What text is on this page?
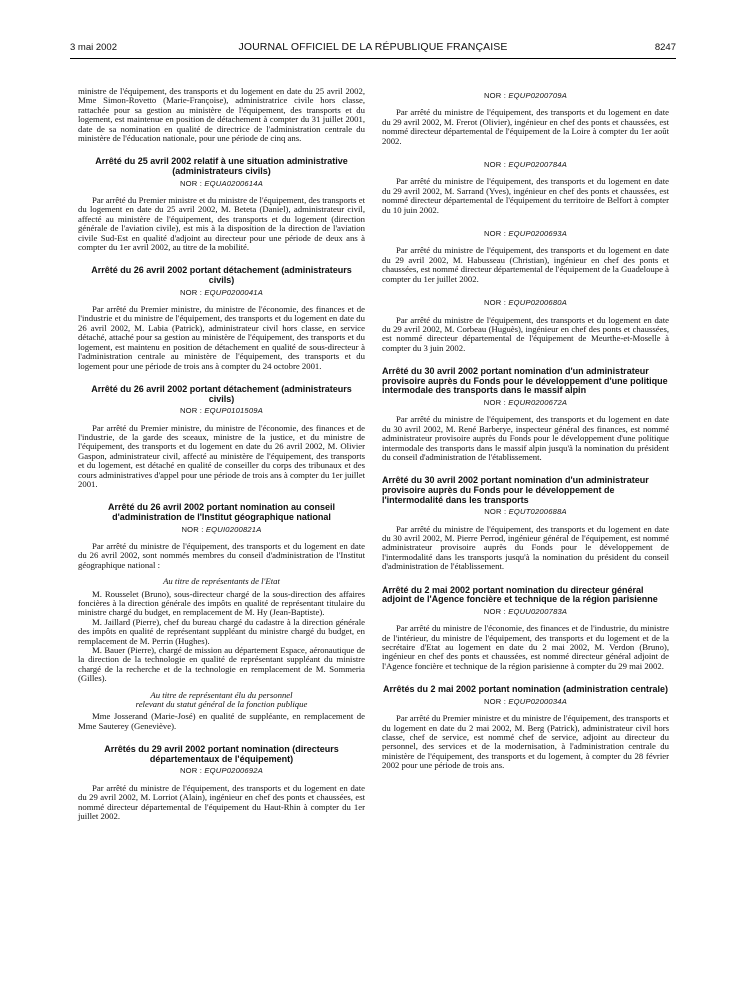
3 mai 2002	JOURNAL OFFICIEL DE LA RÉPUBLIQUE FRANÇAISE	8247

ministre de l'équipement, des transports et du logement en date du 25 avril 2002, Mme Simon-Rovetto (Marie-Françoise), administratrice civile hors classe, rattachée pour sa gestion au ministère de l'équipement, des transports et du logement, est maintenue en position de détachement à compter du 31 juillet 2001, date de sa nomination en qualité de directrice de l'administration centrale du ministère de l'éducation nationale, pour une période de cinq ans.

Arrêté du 25 avril 2002 relatif à une situation administrative (administrateurs civils)
NOR : EQUA0200614A

Par arrêté du Premier ministre et du ministre de l'équipement, des transports et du logement en date du 25 avril 2002, M. Beteta (Daniel), administrateur civil, affecté au ministère de l'équipement, des transports et du logement (direction générale de l'aviation civile), est mis à la disposition de la direction de l'aviation civile Sud-Est en qualité d'adjoint au directeur pour une période de deux ans à compter du 1er avril 2002, au titre de la mobilité.

Arrêté du 26 avril 2002 portant détachement (administrateurs civils)
NOR : EQUP0200041A

Par arrêté du Premier ministre, du ministre de l'économie, des finances et de l'industrie et du ministre de l'équipement, des transports et du logement en date du 26 avril 2002, M. Labia (Patrick), administrateur civil hors classe, en service détaché, attaché pour sa gestion au ministère de l'équipement, des transports et du logement, est maintenu en position de détachement en qualité de sous-directeur à l'administration centrale au ministère de l'équipement, des transports et du logement pour une période de trois ans à compter du 24 octobre 2001.

Arrêté du 26 avril 2002 portant détachement (administrateurs civils)
NOR : EQUP0101509A

Par arrêté du Premier ministre, du ministre de l'économie, des finances et de l'industrie, de la garde des sceaux, ministre de la justice, et du ministre de l'équipement, des transports et du logement en date du 26 avril 2002, M. Olivier Gaspon, administrateur civil, affecté au ministère de l'équipement, des transports et du logement, est détaché en qualité de conseiller du corps des tribunaux et des cours administratives d'appel pour une période de trois ans à compter du 1er juillet 2001.

Arrêté du 26 avril 2002 portant nomination au conseil d'administration de l'Institut géographique national
NOR : EQUI0200821A

Par arrêté du ministre de l'équipement, des transports et du logement en date du 26 avril 2002, sont nommés membres du conseil d'administration de l'Institut géographique national :

Au titre de représentants de l'Etat

M. Rousselet (Bruno), sous-directeur chargé de la sous-direction des affaires foncières à la direction générale des impôts en qualité de représentant titulaire du ministre chargé du budget, en remplacement de M. Hy (Jean-Baptiste).

M. Jaillard (Pierre), chef du bureau chargé du cadastre à la direction générale des impôts en qualité de représentant suppléant du ministre chargé du budget, en remplacement de M. Perrin (Hughes).

M. Bauer (Pierre), chargé de mission au département Espace, aéronautique de la direction de la technologie en qualité de représentant suppléant du ministre chargé de la recherche et de la technologie en remplacement de M. Sommeria (Gilles).

Au titre de représentant élu du personnel
relevant du statut général de la fonction publique

Mme Josserand (Marie-José) en qualité de suppléante, en remplacement de Mme Sauterey (Geneviève).

Arrêtés du 29 avril 2002 portant nomination (directeurs départementaux de l'équipement)
NOR : EQUP0200692A

Par arrêté du ministre de l'équipement, des transports et du logement en date du 29 avril 2002, M. Lorriot (Alain), ingénieur en chef des ponts et chaussées, est nommé directeur départemental de l'équipement du Haut-Rhin à compter du 1er juillet 2002.

NOR : EQUP0200709A

Par arrêté du ministre de l'équipement, des transports et du logement en date du 29 avril 2002, M. Frerot (Olivier), ingénieur en chef des ponts et chaussées, est nommé directeur départemental de l'équipement de la Loire à compter du 1er août 2002.

NOR : EQUP0200784A

Par arrêté du ministre de l'équipement, des transports et du logement en date du 29 avril 2002, M. Sarrand (Yves), ingénieur en chef des ponts et chaussées, est nommé directeur départemental de l'équipement du territoire de Belfort à compter du 10 juin 2002.

NOR : EQUP0200693A

Par arrêté du ministre de l'équipement, des transports et du logement en date du 29 avril 2002, M. Habusseau (Christian), ingénieur en chef des ponts et chaussées, est nommé directeur départemental de l'équipement de la Guadeloupe à compter du 1er juillet 2002.

NOR : EQUP0200680A

Par arrêté du ministre de l'équipement, des transports et du logement en date du 29 avril 2002, M. Corbeau (Huguès), ingénieur en chef des ponts et chaussées, est nommé directeur départemental de l'équipement de Meurthe-et-Moselle à compter du 3 juin 2002.

Arrêté du 30 avril 2002 portant nomination d'un administrateur provisoire auprès du Fonds pour le développement d'une politique intermodale des transports dans le massif alpin
NOR : EQUR0200672A

Par arrêté du ministre de l'équipement, des transports et du logement en date du 30 avril 2002, M. René Barberye, inspecteur général des finances, est nommé administrateur provisoire auprès du Fonds pour le développement d'une politique intermodale des transports dans le massif alpin jusqu'à la nomination du président du conseil d'administration de l'établissement.

Arrêté du 30 avril 2002 portant nomination d'un administrateur provisoire auprès du Fonds pour le développement de l'intermodalité dans les transports
NOR : EQUT0200688A

Par arrêté du ministre de l'équipement, des transports et du logement en date du 30 avril 2002, M. Pierre Perrod, ingénieur général de l'équipement, est nommé administrateur provisoire auprès du Fonds pour le développement de l'intermodalité dans les transports jusqu'à la nomination du président du conseil d'administration de l'établissement.

Arrêté du 2 mai 2002 portant nomination du directeur général adjoint de l'Agence foncière et technique de la région parisienne
NOR : EQUU0200783A

Par arrêté du ministre de l'économie, des finances et de l'industrie, du ministre de l'intérieur, du ministre de l'équipement, des transports et du logement et de la secrétaire d'Etat au logement en date du 2 mai 2002, M. Verdon (Bruno), ingénieur en chef des ponts et chaussées, est nommé directeur général adjoint de l'Agence foncière et technique de la région parisienne à compter du 29 mai 2002.

Arrêtés du 2 mai 2002 portant nomination (administration centrale)
NOR : EQUP0200034A

Par arrêté du Premier ministre et du ministre de l'équipement, des transports et du logement en date du 2 mai 2002, M. Berg (Patrick), administrateur civil hors classe, chef de service, est nommé chef de service, adjoint au directeur du personnel, des services et de la modernisation, à l'administration centrale du ministère de l'équipement, des transports et du logement, à compter du 28 février 2002 pour une période de trois ans.
